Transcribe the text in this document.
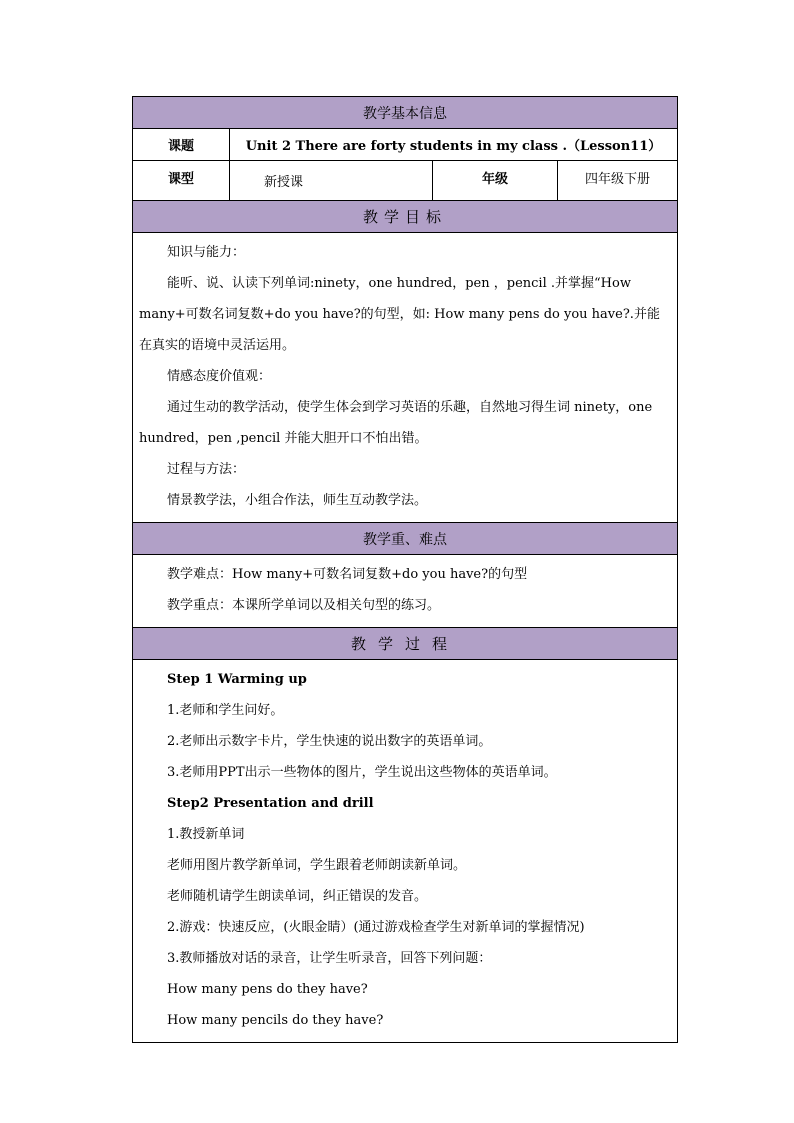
教学基本信息
课题	Unit 2 There are forty students in my class .（Lesson11）
课型	新授课	年级	四年级下册
教学目标

知识与能力：

能听、说、认读下列单词:ninety，one hundred，pen ，pencil .并掌握“How many+可数名词复数+do you have?的句型，如: How many pens do you have?.并能在真实的语境中灵活运用。

情感态度价值观：

通过生动的教学活动，使学生体会到学习英语的乐趣，自然地习得生词 ninety，one hundred，pen ,pencil 并能大胆开口不怕出错。

过程与方法：

情景教学法，小组合作法，师生互动教学法。

教学重、难点

教学难点：How many+可数名词复数+do you have?的句型

教学重点：本课所学单词以及相关句型的练习。

教学过程

Step 1 Warming up

1.老师和学生问好。

2.老师出示数字卡片，学生快速的说出数字的英语单词。

3.老师用PPT出示一些物体的图片，学生说出这些物体的英语单词。

Step2 Presentation and drill

1.教授新单词

老师用图片教学新单词，学生跟着老师朗读新单词。

老师随机请学生朗读单词，纠正错误的发音。

2.游戏：快速反应，(火眼金睛）(通过游戏检查学生对新单词的掌握情况)

3.教师播放对话的录音，让学生听录音，回答下列问题：

How many pens do they have?

How many pencils do they have?
